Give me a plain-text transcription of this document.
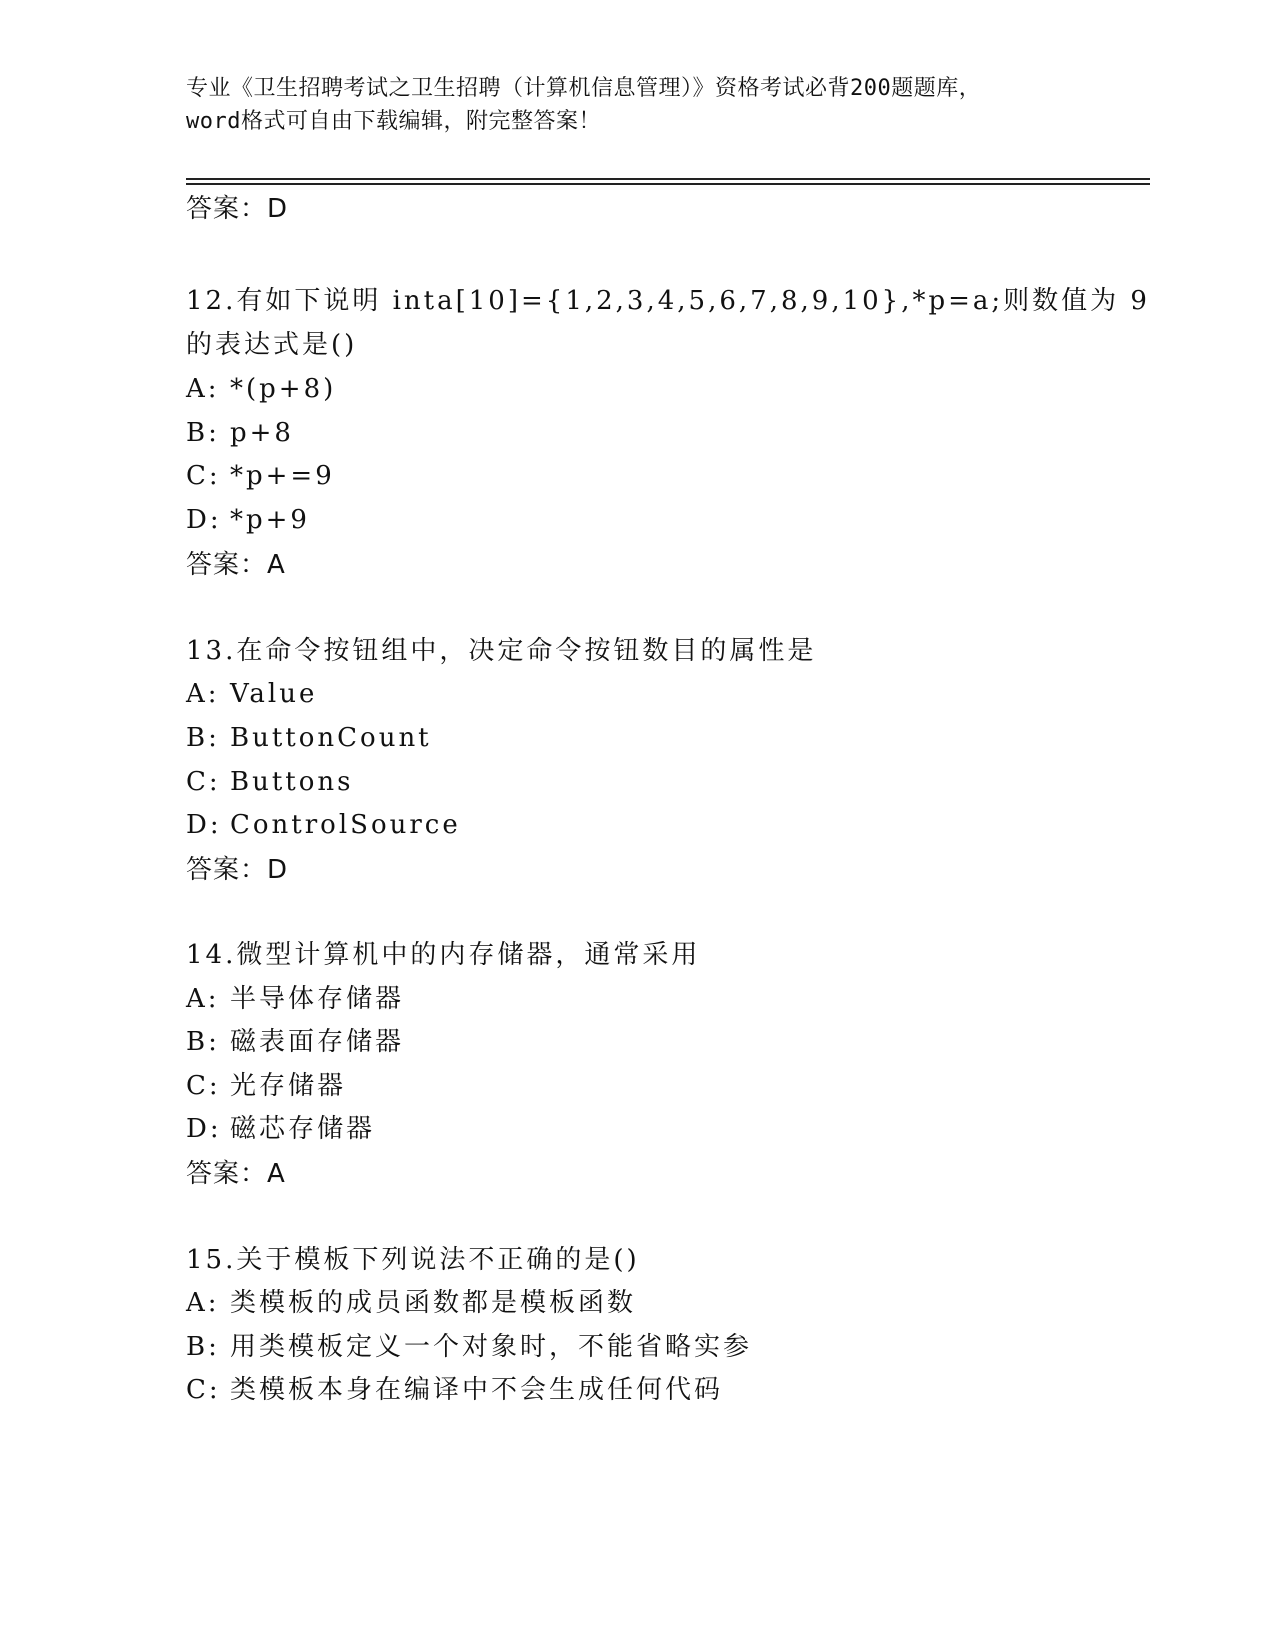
专业《卫生招聘考试之卫生招聘（计算机信息管理）》资格考试必背200题题库，
word格式可自由下载编辑，附完整答案！
答案：D
12.有如下说明 inta[10]={1,2,3,4,5,6,7,8,9,10},*p=a;则数值为 9
的表达式是()
A: *(p+8)
B: p+8
C: *p+=9
D: *p+9
答案：A
13.在命令按钮组中，决定命令按钮数目的属性是
A: Value
B: ButtonCount
C: Buttons
D: ControlSource
答案：D
14.微型计算机中的内存储器，通常采用
A: 半导体存储器
B: 磁表面存储器
C: 光存储器
D: 磁芯存储器
答案：A
15.关于模板下列说法不正确的是()
A: 类模板的成员函数都是模板函数
B: 用类模板定义一个对象时，不能省略实参
C: 类模板本身在编译中不会生成任何代码
